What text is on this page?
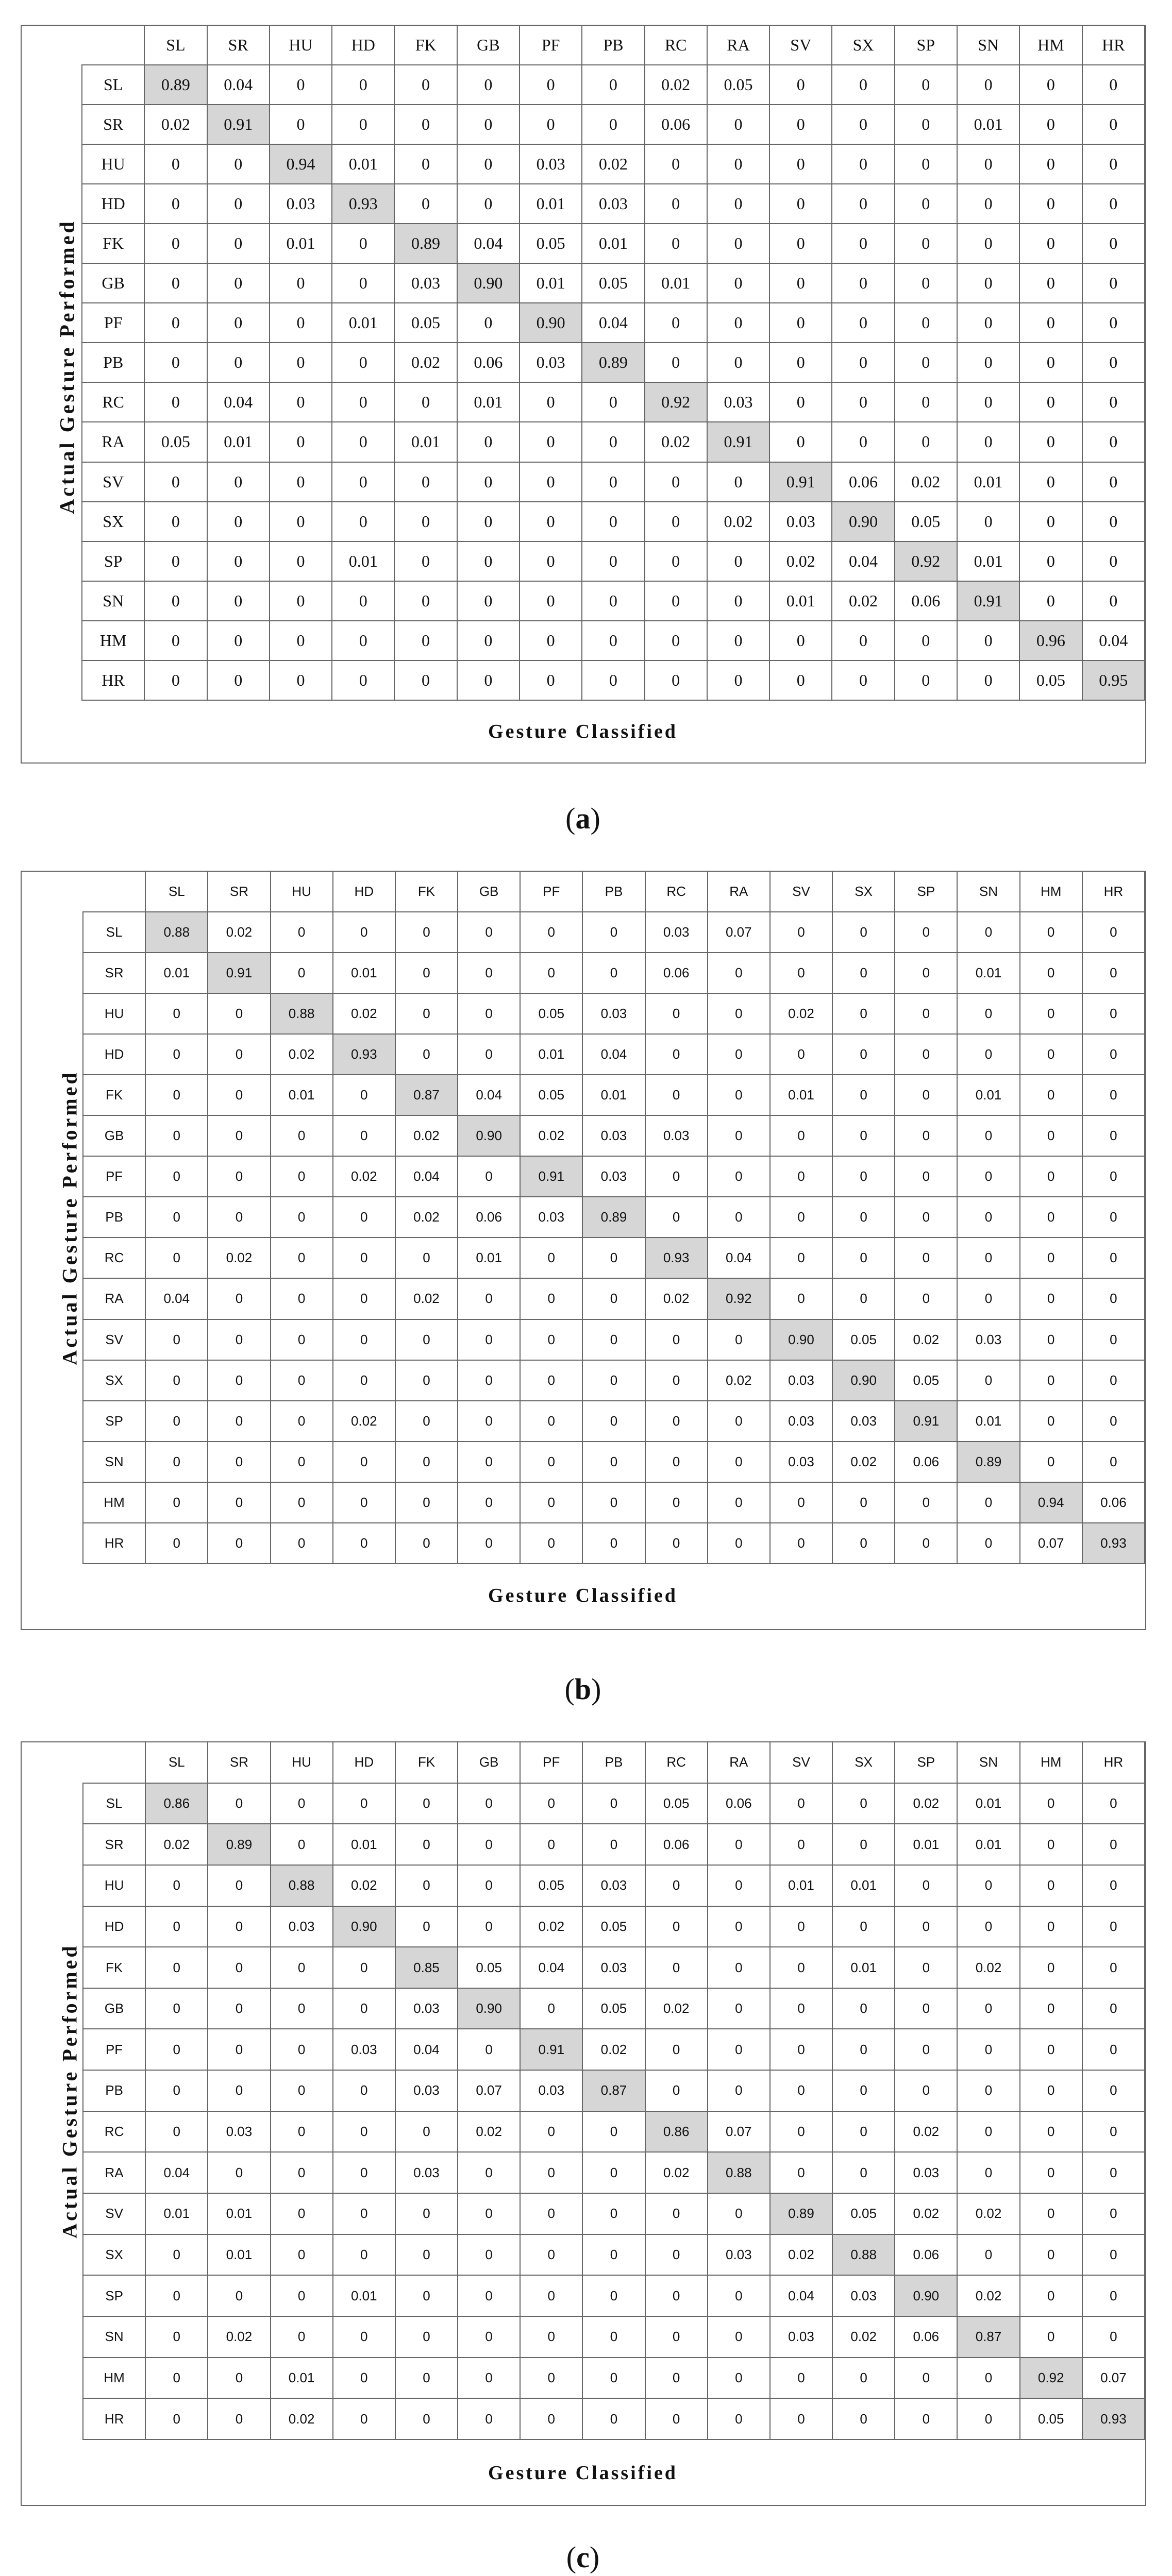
Actual Gesture Performed
	SL	SR	HU	HD	FK	GB	PF	PB	RC	RA	SV	SX	SP	SN	HM	HR
SL	0.89	0.04	0	0	0	0	0	0	0.02	0.05	0	0	0	0	0	0
SR	0.02	0.91	0	0	0	0	0	0	0.06	0	0	0	0	0.01	0	0
HU	0	0	0.94	0.01	0	0	0.03	0.02	0	0	0	0	0	0	0	0
HD	0	0	0.03	0.93	0	0	0.01	0.03	0	0	0	0	0	0	0	0
FK	0	0	0.01	0	0.89	0.04	0.05	0.01	0	0	0	0	0	0	0	0
GB	0	0	0	0	0.03	0.90	0.01	0.05	0.01	0	0	0	0	0	0	0
PF	0	0	0	0.01	0.05	0	0.90	0.04	0	0	0	0	0	0	0	0
PB	0	0	0	0	0.02	0.06	0.03	0.89	0	0	0	0	0	0	0	0
RC	0	0.04	0	0	0	0.01	0	0	0.92	0.03	0	0	0	0	0	0
RA	0.05	0.01	0	0	0.01	0	0	0	0.02	0.91	0	0	0	0	0	0
SV	0	0	0	0	0	0	0	0	0	0	0.91	0.06	0.02	0.01	0	0
SX	0	0	0	0	0	0	0	0	0	0.02	0.03	0.90	0.05	0	0	0
SP	0	0	0	0.01	0	0	0	0	0	0	0.02	0.04	0.92	0.01	0	0
SN	0	0	0	0	0	0	0	0	0	0	0.01	0.02	0.06	0.91	0	0
HM	0	0	0	0	0	0	0	0	0	0	0	0	0	0	0.96	0.04
HR	0	0	0	0	0	0	0	0	0	0	0	0	0	0	0.05	0.95
Gesture Classified
(a)
Actual Gesture Performed
	SL	SR	HU	HD	FK	GB	PF	PB	RC	RA	SV	SX	SP	SN	HM	HR
SL	0.88	0.02	0	0	0	0	0	0	0.03	0.07	0	0	0	0	0	0
SR	0.01	0.91	0	0.01	0	0	0	0	0.06	0	0	0	0	0.01	0	0
HU	0	0	0.88	0.02	0	0	0.05	0.03	0	0	0.02	0	0	0	0	0
HD	0	0	0.02	0.93	0	0	0.01	0.04	0	0	0	0	0	0	0	0
FK	0	0	0.01	0	0.87	0.04	0.05	0.01	0	0	0.01	0	0	0.01	0	0
GB	0	0	0	0	0.02	0.90	0.02	0.03	0.03	0	0	0	0	0	0	0
PF	0	0	0	0.02	0.04	0	0.91	0.03	0	0	0	0	0	0	0	0
PB	0	0	0	0	0.02	0.06	0.03	0.89	0	0	0	0	0	0	0	0
RC	0	0.02	0	0	0	0.01	0	0	0.93	0.04	0	0	0	0	0	0
RA	0.04	0	0	0	0.02	0	0	0	0.02	0.92	0	0	0	0	0	0
SV	0	0	0	0	0	0	0	0	0	0	0.90	0.05	0.02	0.03	0	0
SX	0	0	0	0	0	0	0	0	0	0.02	0.03	0.90	0.05	0	0	0
SP	0	0	0	0.02	0	0	0	0	0	0	0.03	0.03	0.91	0.01	0	0
SN	0	0	0	0	0	0	0	0	0	0	0.03	0.02	0.06	0.89	0	0
HM	0	0	0	0	0	0	0	0	0	0	0	0	0	0	0.94	0.06
HR	0	0	0	0	0	0	0	0	0	0	0	0	0	0	0.07	0.93
Gesture Classified
(b)
Actual Gesture Performed
	SL	SR	HU	HD	FK	GB	PF	PB	RC	RA	SV	SX	SP	SN	HM	HR
SL	0.86	0	0	0	0	0	0	0	0.05	0.06	0	0	0.02	0.01	0	0
SR	0.02	0.89	0	0.01	0	0	0	0	0.06	0	0	0	0.01	0.01	0	0
HU	0	0	0.88	0.02	0	0	0.05	0.03	0	0	0.01	0.01	0	0	0	0
HD	0	0	0.03	0.90	0	0	0.02	0.05	0	0	0	0	0	0	0	0
FK	0	0	0	0	0.85	0.05	0.04	0.03	0	0	0	0.01	0	0.02	0	0
GB	0	0	0	0	0.03	0.90	0	0.05	0.02	0	0	0	0	0	0	0
PF	0	0	0	0.03	0.04	0	0.91	0.02	0	0	0	0	0	0	0	0
PB	0	0	0	0	0.03	0.07	0.03	0.87	0	0	0	0	0	0	0	0
RC	0	0.03	0	0	0	0.02	0	0	0.86	0.07	0	0	0.02	0	0	0
RA	0.04	0	0	0	0.03	0	0	0	0.02	0.88	0	0	0.03	0	0	0
SV	0.01	0.01	0	0	0	0	0	0	0	0	0.89	0.05	0.02	0.02	0	0
SX	0	0.01	0	0	0	0	0	0	0	0.03	0.02	0.88	0.06	0	0	0
SP	0	0	0	0.01	0	0	0	0	0	0	0.04	0.03	0.90	0.02	0	0
SN	0	0.02	0	0	0	0	0	0	0	0	0.03	0.02	0.06	0.87	0	0
HM	0	0	0.01	0	0	0	0	0	0	0	0	0	0	0	0.92	0.07
HR	0	0	0.02	0	0	0	0	0	0	0	0	0	0	0	0.05	0.93
Gesture Classified
(c)
